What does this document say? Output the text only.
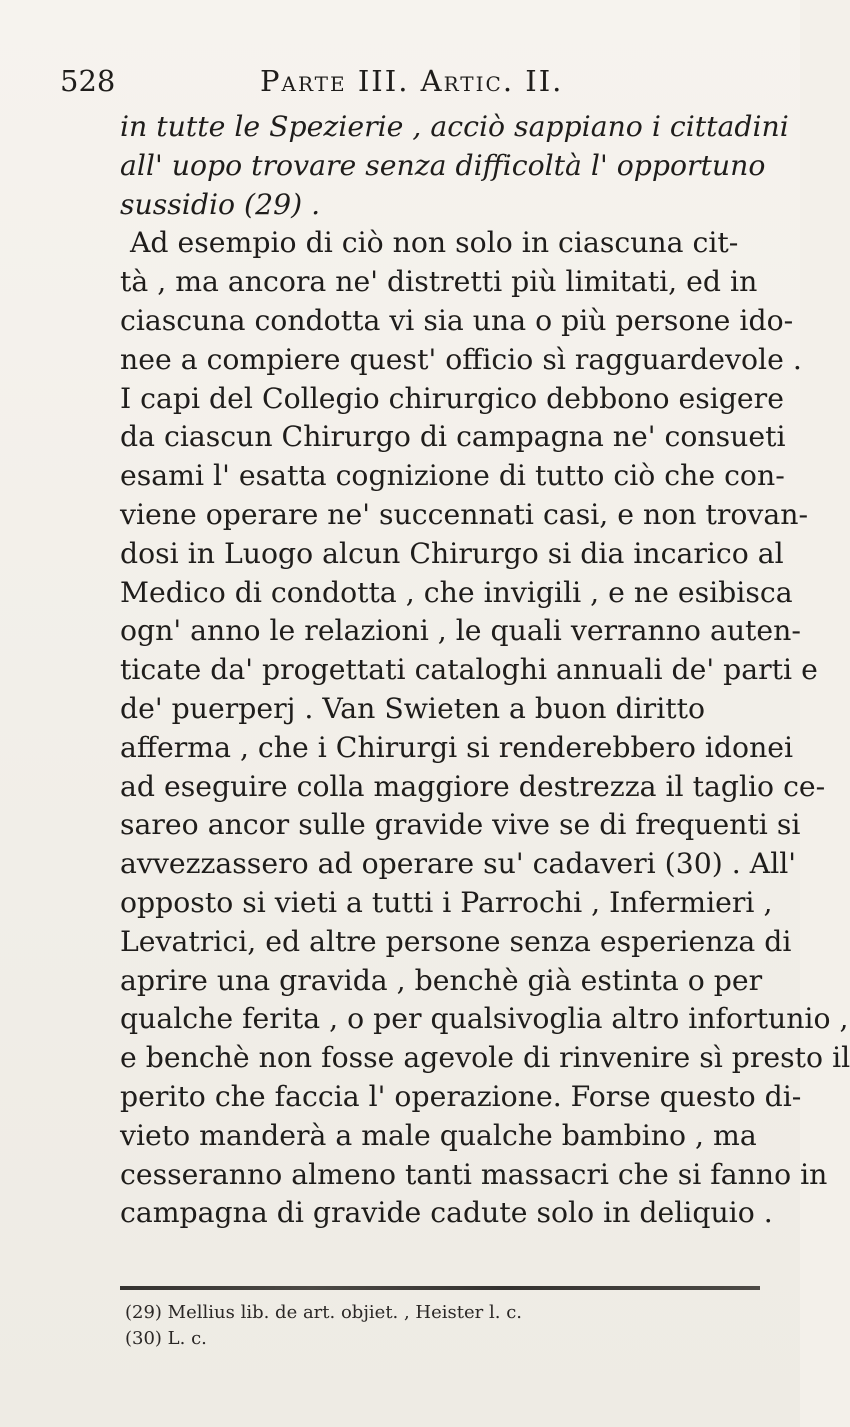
528	Parte III. Artic. II.
in tutte le Spezierie , acciò sappiano i cittadini
all' uopo trovare senza difficoltà l' opportuno
sussidio (29) .
Ad esempio di ciò non solo in ciascuna cit-
tà , ma ancora ne' distretti più limitati, ed in
ciascuna condotta vi sia una o più persone ido-
nee a compiere quest' officio sì ragguardevole .
I capi del Collegio chirurgico debbono esigere
da ciascun Chirurgo di campagna ne' consueti
esami l' esatta cognizione di tutto ciò che con-
viene operare ne' succennati casi, e non trovan-
dosi in Luogo alcun Chirurgo si dia incarico al
Medico di condotta , che invigili , e ne esibisca
ogn' anno le relazioni , le quali verranno auten-
ticate da' progettati cataloghi annuali de' parti e
de' puerperj . Van Swieten a buon diritto
afferma , che i Chirurgi si renderebbero idonei
ad eseguire colla maggiore destrezza il taglio ce-
sareo ancor sulle gravide vive se di frequenti si
avvezzassero ad operare su' cadaveri (30) . All'
opposto si vieti a tutti i Parrochi , Infermieri ,
Levatrici, ed altre persone senza esperienza di
aprire una gravida , benchè già estinta o per
qualche ferita , o per qualsivoglia altro infortunio ,
e benchè non fosse agevole di rinvenire sì presto il
perito che faccia l' operazione. Forse questo di-
vieto manderà a male qualche bambino , ma
cesseranno almeno tanti massacri che si fanno in
campagna di gravide cadute solo in deliquio .
(29) Mellius lib. de art. objiet. , Heister l. c.
(30) L. c.
